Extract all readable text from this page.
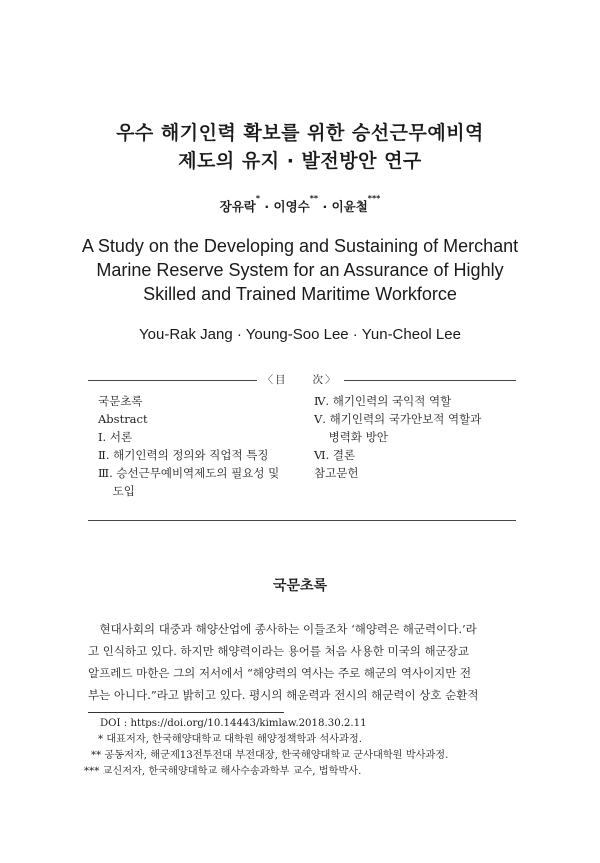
우수 해기인력 확보를 위한 승선근무예비역
제도의 유지 · 발전방안 연구
장유락* · 이영수** · 이윤철***
A Study on the Developing and Sustaining of Merchant
Marine Reserve System for an Assurance of Highly
Skilled and Trained Maritime Workforce
You-Rak Jang · Young-Soo Lee · Yun-Cheol Lee
〈目　　次〉
국문초록
Abstract
Ⅰ. 서론
Ⅱ. 해기인력의 정의와 직업적 특징
Ⅲ. 승선근무예비역제도의 필요성 및
도입
Ⅳ. 해기인력의 국익적 역할
Ⅴ. 해기인력의 국가안보적 역할과
병력화 방안
Ⅵ. 결론
참고문헌
국문초록
　현대사회의 대중과 해양산업에 종사하는 이들조차 ‘해양력은 해군력이다.’라
고 인식하고 있다. 하지만 해양력이라는 용어를 처음 사용한 미국의 해군장교
알프레드 마한은 그의 저서에서 “해양력의 역사는 주로 해군의 역사이지만 전
부는 아니다.”라고 밝히고 있다. 평시의 해운력과 전시의 해군력이 상호 순환적
DOI : https://doi.org/10.14443/kimlaw.2018.30.2.11
* 대표저자, 한국해양대학교 대학원 해양정책학과 석사과정.
** 공동저자, 해군제13전투전대 부전대장, 한국해양대학교 군사대학원 박사과정.
*** 교신저자, 한국해양대학교 해사수송과학부 교수, 법학박사.
